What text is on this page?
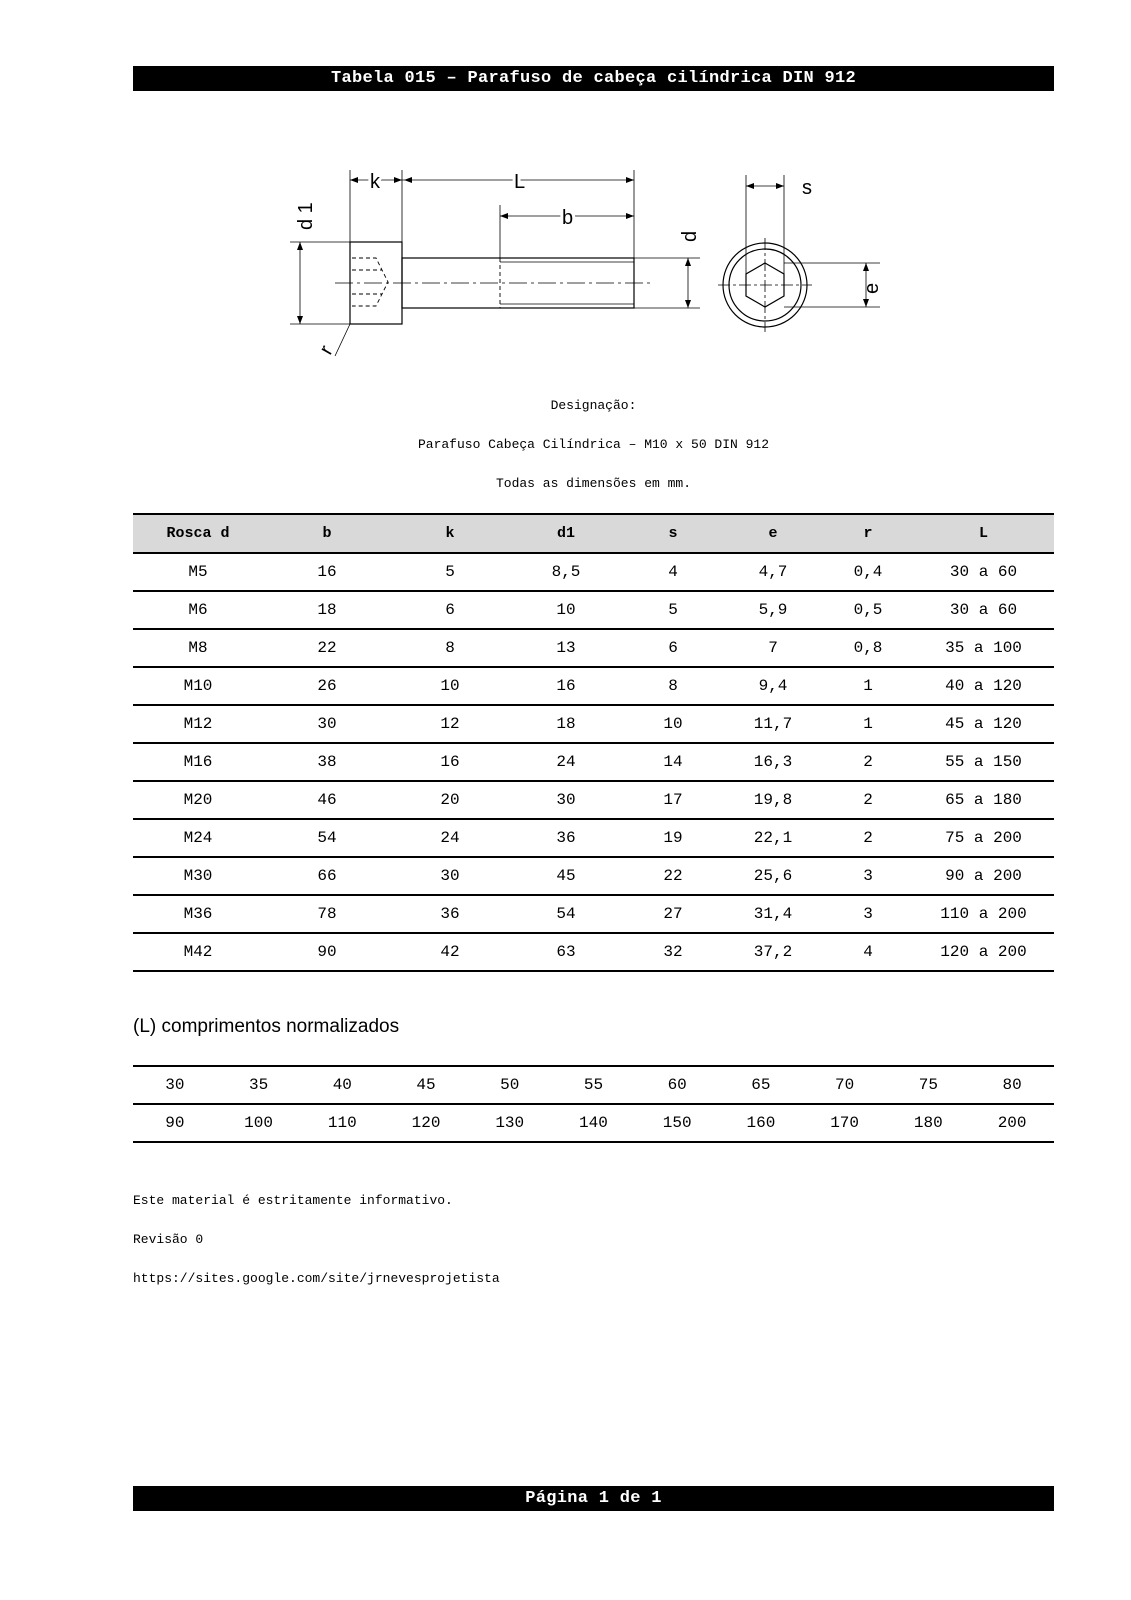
Tabela 015 – Parafuso de cabeça cilíndrica DIN 912
k	L
b
d 1
d
r
s
e
Designação:
Parafuso Cabeça Cilíndrica – M10 x 50 DIN 912
Todas as dimensões em mm.
Rosca d	b	k	d1	s	e	r	L
M5	16	5	8,5	4	4,7	0,4	30 a 60
M6	18	6	10	5	5,9	0,5	30 a 60
M8	22	8	13	6	7	0,8	35 a 100
M10	26	10	16	8	9,4	1	40 a 120
M12	30	12	18	10	11,7	1	45 a 120
M16	38	16	24	14	16,3	2	55 a 150
M20	46	20	30	17	19,8	2	65 a 180
M24	54	24	36	19	22,1	2	75 a 200
M30	66	30	45	22	25,6	3	90 a 200
M36	78	36	54	27	31,4	3	110 a 200
M42	90	42	63	32	37,2	4	120 a 200
(L) comprimentos normalizados
30	35	40	45	50	55	60	65	70	75	80
90	100	110	120	130	140	150	160	170	180	200
Este material é estritamente informativo.
Revisão 0
https://sites.google.com/site/jrnevesprojetista
Página 1 de 1
